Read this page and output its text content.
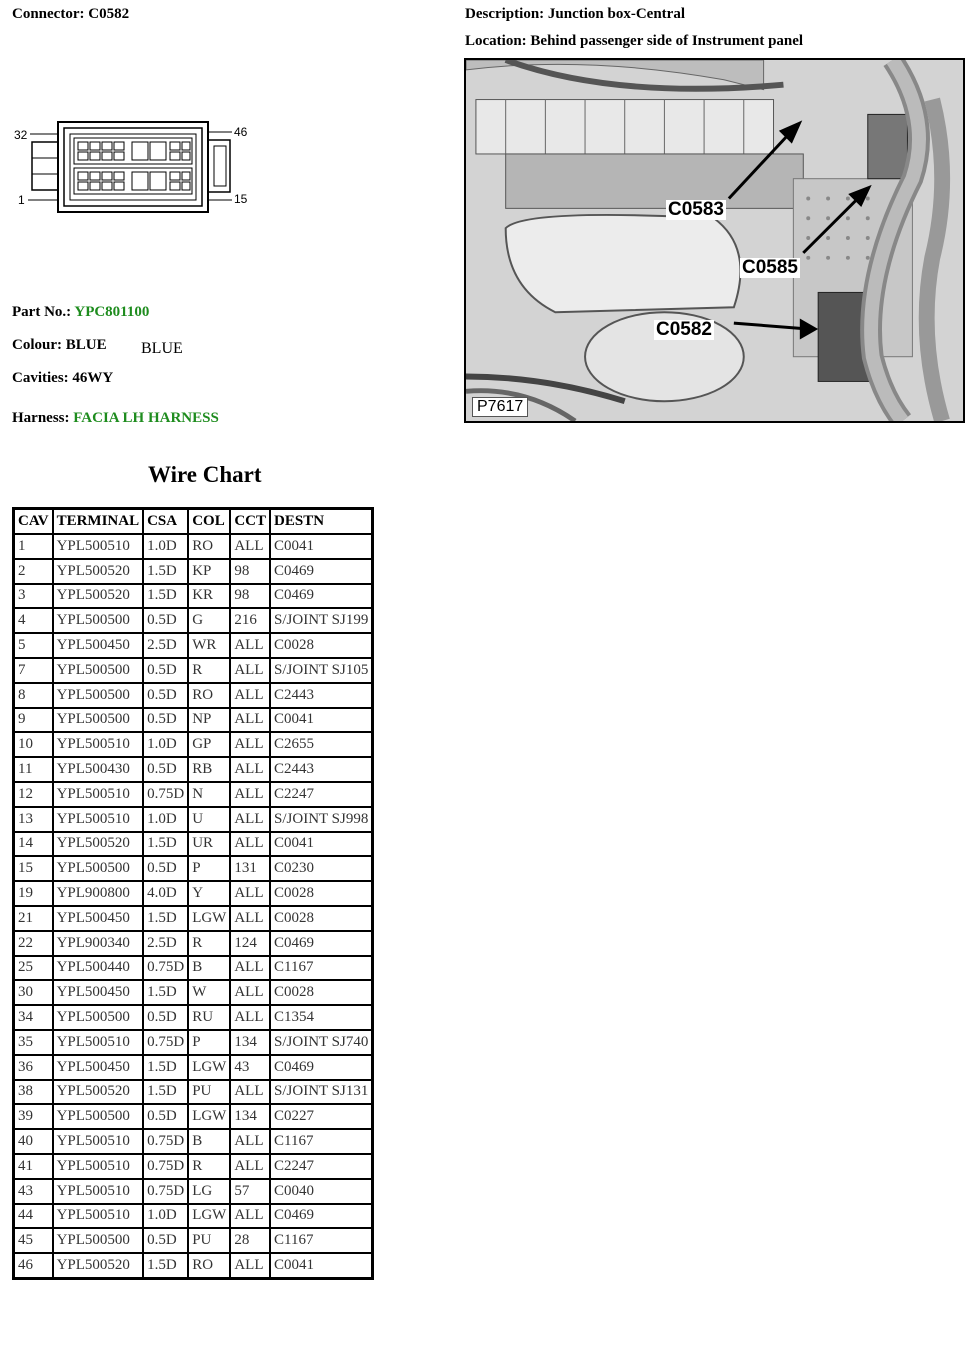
Connector: C0582	Description: Junction box-Central
Location: Behind passenger side of Instrument panel
32
1
46
15
BLUE
Part No.: YPC801100
Colour: BLUE
Cavities: 46WY
Harness: FACIA LH HARNESS
C0583
C0585
C0582
P7617
Wire Chart
CAV	TERMINAL	CSA	COL	CCT	DESTN
1	YPL500510	1.0D	RO	ALL	C0041
2	YPL500520	1.5D	KP	98	C0469
3	YPL500520	1.5D	KR	98	C0469
4	YPL500500	0.5D	G	216	S/JOINT SJ199
5	YPL500450	2.5D	WR	ALL	C0028
7	YPL500500	0.5D	R	ALL	S/JOINT SJ105
8	YPL500500	0.5D	RO	ALL	C2443
9	YPL500500	0.5D	NP	ALL	C0041
10	YPL500510	1.0D	GP	ALL	C2655
11	YPL500430	0.5D	RB	ALL	C2443
12	YPL500510	0.75D	N	ALL	C2247
13	YPL500510	1.0D	U	ALL	S/JOINT SJ998
14	YPL500520	1.5D	UR	ALL	C0041
15	YPL500500	0.5D	P	131	C0230
19	YPL900800	4.0D	Y	ALL	C0028
21	YPL500450	1.5D	LGW	ALL	C0028
22	YPL900340	2.5D	R	124	C0469
25	YPL500440	0.75D	B	ALL	C1167
30	YPL500450	1.5D	W	ALL	C0028
34	YPL500500	0.5D	RU	ALL	C1354
35	YPL500510	0.75D	P	134	S/JOINT SJ740
36	YPL500450	1.5D	LGW	43	C0469
38	YPL500520	1.5D	PU	ALL	S/JOINT SJ131
39	YPL500500	0.5D	LGW	134	C0227
40	YPL500510	0.75D	B	ALL	C1167
41	YPL500510	0.75D	R	ALL	C2247
43	YPL500510	0.75D	LG	57	C0040
44	YPL500510	1.0D	LGW	ALL	C0469
45	YPL500500	0.5D	PU	28	C1167
46	YPL500520	1.5D	RO	ALL	C0041
